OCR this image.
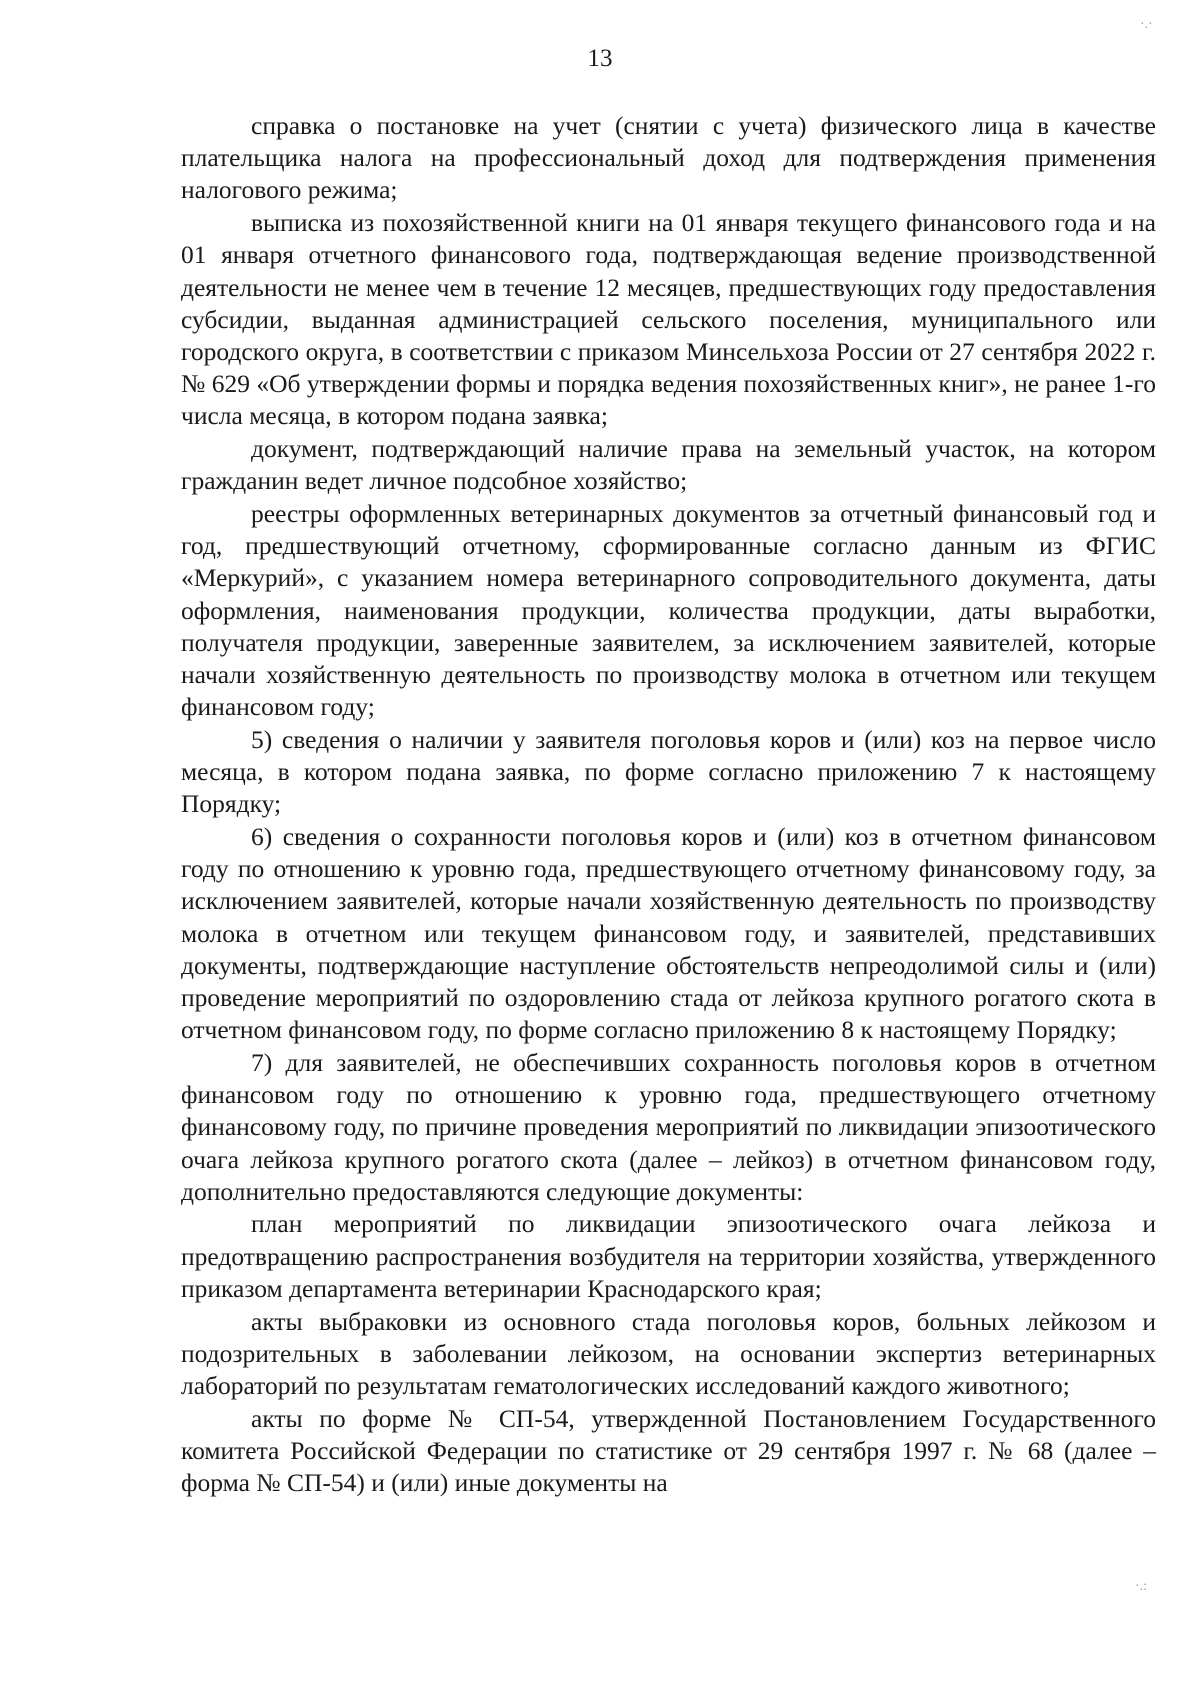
13
·.·
·.:

справка о постановке на учет (снятии с учета) физического лица в качестве плательщика налога на профессиональный доход для подтверждения применения налогового режима;

выписка из похозяйственной книги на 01 января текущего финансового года и на 01 января отчетного финансового года, подтверждающая ведение производственной деятельности не менее чем в течение 12 месяцев, предшествующих году предоставления субсидии, выданная администрацией сельского поселения, муниципального или городского округа, в соответствии с приказом Минсельхоза России от 27 сентября 2022 г. № 629 «Об утверждении формы и порядка ведения похозяйственных книг», не ранее 1-го числа месяца, в котором подана заявка;

документ, подтверждающий наличие права на земельный участок, на котором гражданин ведет личное подсобное хозяйство;

реестры оформленных ветеринарных документов за отчетный финансовый год и год, предшествующий отчетному, сформированные согласно данным из ФГИС «Меркурий», с указанием номера ветеринарного сопроводительного документа, даты оформления, наименования продукции, количества продукции, даты выработки, получателя продукции, заверенные заявителем, за исключением заявителей, которые начали хозяйственную деятельность по производству молока в отчетном или текущем финансовом году;

5) сведения о наличии у заявителя поголовья коров и (или) коз на первое число месяца, в котором подана заявка, по форме согласно приложению 7 к настоящему Порядку;

6) сведения о сохранности поголовья коров и (или) коз в отчетном финансовом году по отношению к уровню года, предшествующего отчетному финансовому году, за исключением заявителей, которые начали хозяйственную деятельность по производству молока в отчетном или текущем финансовом году, и заявителей, представивших документы, подтверждающие наступление обстоятельств непреодолимой силы и (или) проведение мероприятий по оздоровлению стада от лейкоза крупного рогатого скота в отчетном финансовом году, по форме согласно приложению 8 к настоящему Порядку;

7) для заявителей, не обеспечивших сохранность поголовья коров в отчетном финансовом году по отношению к уровню года, предшествующего отчетному финансовому году, по причине проведения мероприятий по ликвидации эпизоотического очага лейкоза крупного рогатого скота (далее – лейкоз) в отчетном финансовом году, дополнительно предоставляются следующие документы:

план мероприятий по ликвидации эпизоотического очага лейкоза и предотвращению распространения возбудителя на территории хозяйства, утвержденного приказом департамента ветеринарии Краснодарского края;

акты выбраковки из основного стада поголовья коров, больных лейкозом и подозрительных в заболевании лейкозом, на основании экспертиз ветеринарных лабораторий по результатам гематологических исследований каждого животного;

акты по форме № СП-54, утвержденной Постановлением Государственного комитета Российской Федерации по статистике от 29 сентября 1997 г. № 68 (далее – форма № СП-54) и (или) иные документы на
